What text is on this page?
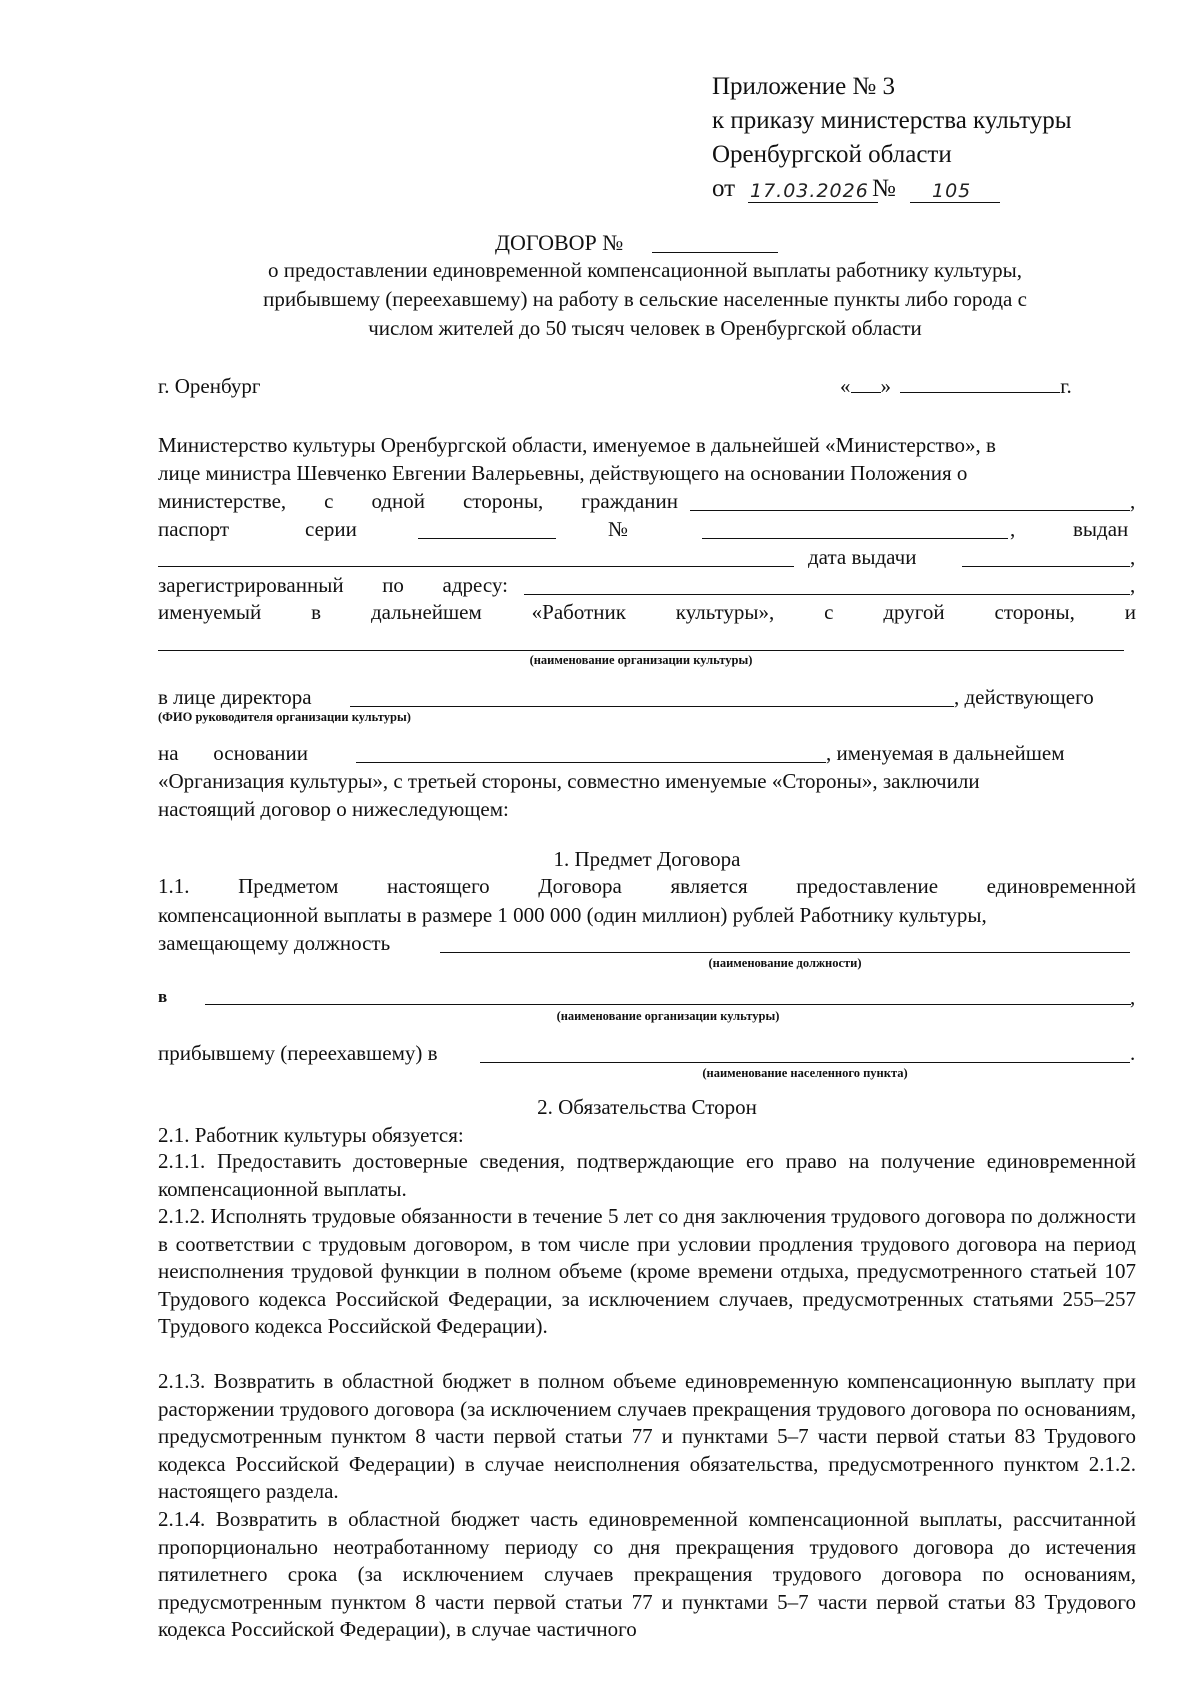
Приложение № 3
к приказу министерства культуры
Оренбургской области
от 17.03.2026 № 105
ДОГОВОР №
о предоставлении единовременной компенсационной выплаты работнику культуры,
прибывшему (переехавшему) на работу в сельские населенные пункты либо города с
числом жителей до 50 тысяч человек в Оренбургской области
г. Оренбург	« »	г.
Министерство культуры Оренбургской области, именуемое в дальнейшей «Министерство», в
лице министра Шевченко Евгении Валерьевны, действующего на основании Положения о
министерстве, с одной стороны, гражданин	,
паспорт	серии	№	,	выдан
дата выдачи	,
зарегистрированный по адресу:	,
именуемый в дальнейшем «Работник культуры», с другой стороны, и
(наименование организации культуры)
в лице директора	, действующего
(ФИО руководителя организации культуры)
на основании	, именуемая в дальнейшем
«Организация культуры», с третьей стороны, совместно именуемые «Стороны», заключили
настоящий договор о нижеследующем:
1. Предмет Договора
1.1. Предметом настоящего Договора является предоставление единовременной
компенсационной выплаты в размере 1 000 000 (один миллион) рублей Работнику культуры,
замещающему должность
(наименование должности)
в	,
(наименование организации культуры)
прибывшему (переехавшему) в	.
(наименование населенного пункта)
2. Обязательства Сторон
2.1. Работник культуры обязуется:
2.1.1. Предоставить достоверные сведения, подтверждающие его право на получение единовременной компенсационной выплаты.
2.1.2. Исполнять трудовые обязанности в течение 5 лет со дня заключения трудового договора по должности в соответствии с трудовым договором, в том числе при условии продления трудового договора на период неисполнения трудовой функции в полном объеме (кроме времени отдыха, предусмотренного статьей 107 Трудового кодекса Российской Федерации, за исключением случаев, предусмотренных статьями 255–257 Трудового кодекса Российской Федерации).
2.1.3. Возвратить в областной бюджет в полном объеме единовременную компенсационную выплату при расторжении трудового договора (за исключением случаев прекращения трудового договора по основаниям, предусмотренным пунктом 8 части первой статьи 77 и пунктами 5–7 части первой статьи 83 Трудового кодекса Российской Федерации) в случае неисполнения обязательства, предусмотренного пунктом 2.1.2. настоящего раздела.
2.1.4. Возвратить в областной бюджет часть единовременной компенсационной выплаты, рассчитанной пропорционально неотработанному периоду со дня прекращения трудового договора до истечения пятилетнего срока (за исключением случаев прекращения трудового договора по основаниям, предусмотренным пунктом 8 части первой статьи 77 и пунктами 5–7 части первой статьи 83 Трудового кодекса Российской Федерации), в случае частичного
